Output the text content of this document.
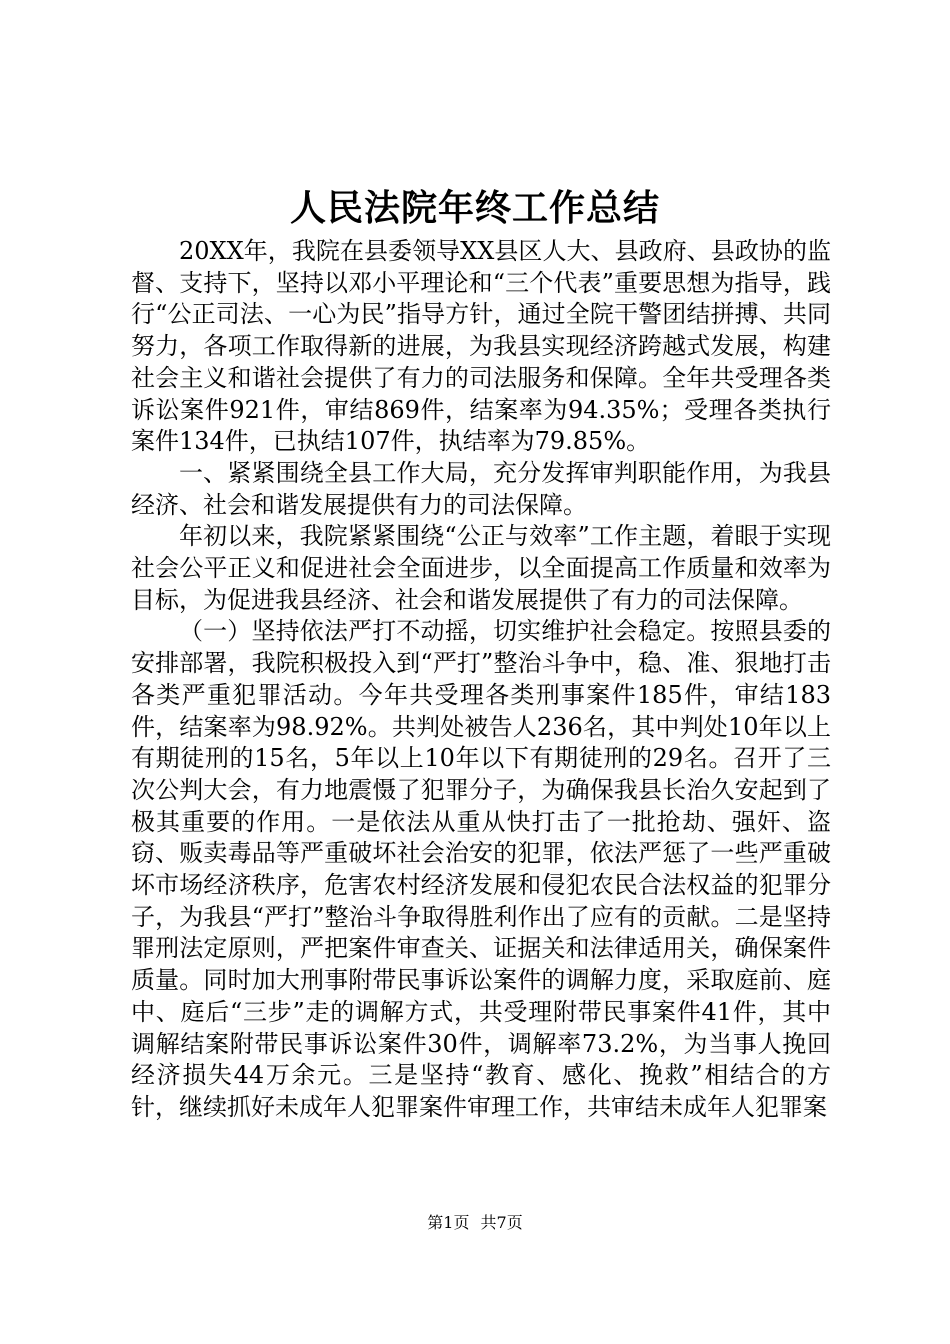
人民法院年终工作总结

20XX年，我院在县委领导XX县区人大、县政府、县政协的监督、支持下，坚持以邓小平理论和“三个代表”重要思想为指导，践行“公正司法、一心为民”指导方针，通过全院干警团结拼搏、共同努力，各项工作取得新的进展，为我县实现经济跨越式发展，构建社会主义和谐社会提供了有力的司法服务和保障。全年共受理各类诉讼案件921件，审结869件，结案率为94.35%；受理各类执行案件134件，已执结107件，执结率为79.85%。

一、紧紧围绕全县工作大局，充分发挥审判职能作用，为我县经济、社会和谐发展提供有力的司法保障。

年初以来，我院紧紧围绕“公正与效率”工作主题，着眼于实现社会公平正义和促进社会全面进步，以全面提高工作质量和效率为目标，为促进我县经济、社会和谐发展提供了有力的司法保障。

（一）坚持依法严打不动摇，切实维护社会稳定。按照县委的安排部署，我院积极投入到“严打”整治斗争中，稳、准、狠地打击各类严重犯罪活动。今年共受理各类刑事案件185件，审结183件，结案率为98.92%。共判处被告人236名，其中判处10年以上有期徒刑的15名，5年以上10年以下有期徒刑的29名。召开了三次公判大会，有力地震慑了犯罪分子，为确保我县长治久安起到了极其重要的作用。一是依法从重从快打击了一批抢劫、强奸、盗窃、贩卖毒品等严重破坏社会治安的犯罪，依法严惩了一些严重破坏市场经济秩序，危害农村经济发展和侵犯农民合法权益的犯罪分子，为我县“严打”整治斗争取得胜利作出了应有的贡献。二是坚持罪刑法定原则，严把案件审查关、证据关和法律适用关，确保案件质量。同时加大刑事附带民事诉讼案件的调解力度，采取庭前、庭中、庭后“三步”走的调解方式，共受理附带民事案件41件，其中调解结案附带民事诉讼案件30件，调解率73.2%，为当事人挽回经济损失44万余元。三是坚持“教育、感化、挽救”相结合的方针，继续抓好未成年人犯罪案件审理工作，共审结未成年人犯罪案

第1页 共7页
